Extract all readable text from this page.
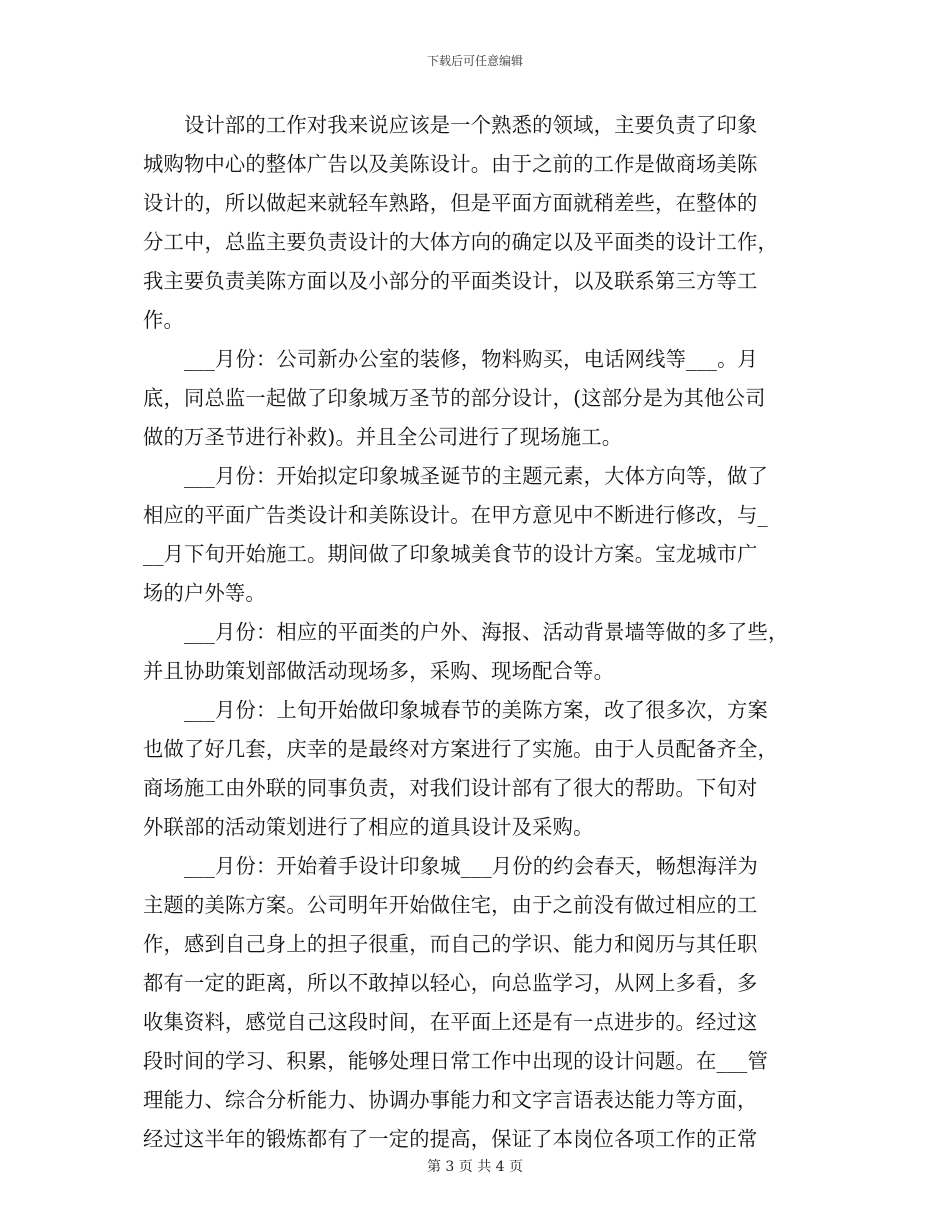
下载后可任意编辑
　　设计部的工作对我来说应该是一个熟悉的领域，主要负责了印象
城购物中心的整体广告以及美陈设计。由于之前的工作是做商场美陈
设计的，所以做起来就轻车熟路，但是平面方面就稍差些，在整体的
分工中，总监主要负责设计的大体方向的确定以及平面类的设计工作，
我主要负责美陈方面以及小部分的平面类设计，以及联系第三方等工
作。
　　___月份：公司新办公室的装修，物料购买，电话网线等___。月
底，同总监一起做了印象城万圣节的部分设计，(这部分是为其他公司
做的万圣节进行补救)。并且全公司进行了现场施工。
　　___月份：开始拟定印象城圣诞节的主题元素，大体方向等，做了
相应的平面广告类设计和美陈设计。在甲方意见中不断进行修改，与_
__月下旬开始施工。期间做了印象城美食节的设计方案。宝龙城市广
场的户外等。
　　___月份：相应的平面类的户外、海报、活动背景墙等做的多了些，
并且协助策划部做活动现场多，采购、现场配合等。
　　___月份：上旬开始做印象城春节的美陈方案，改了很多次，方案
也做了好几套，庆幸的是最终对方案进行了实施。由于人员配备齐全，
商场施工由外联的同事负责，对我们设计部有了很大的帮助。下旬对
外联部的活动策划进行了相应的道具设计及采购。
　　___月份：开始着手设计印象城___月份的约会春天，畅想海洋为
主题的美陈方案。公司明年开始做住宅，由于之前没有做过相应的工
作，感到自己身上的担子很重，而自己的学识、能力和阅历与其任职
都有一定的距离，所以不敢掉以轻心，向总监学习，从网上多看，多
收集资料，感觉自己这段时间，在平面上还是有一点进步的。经过这
段时间的学习、积累，能够处理日常工作中出现的设计问题。在___管
理能力、综合分析能力、协调办事能力和文字言语表达能力等方面，
经过这半年的锻炼都有了一定的提高，保证了本岗位各项工作的正常
第 3 页 共 4 页
